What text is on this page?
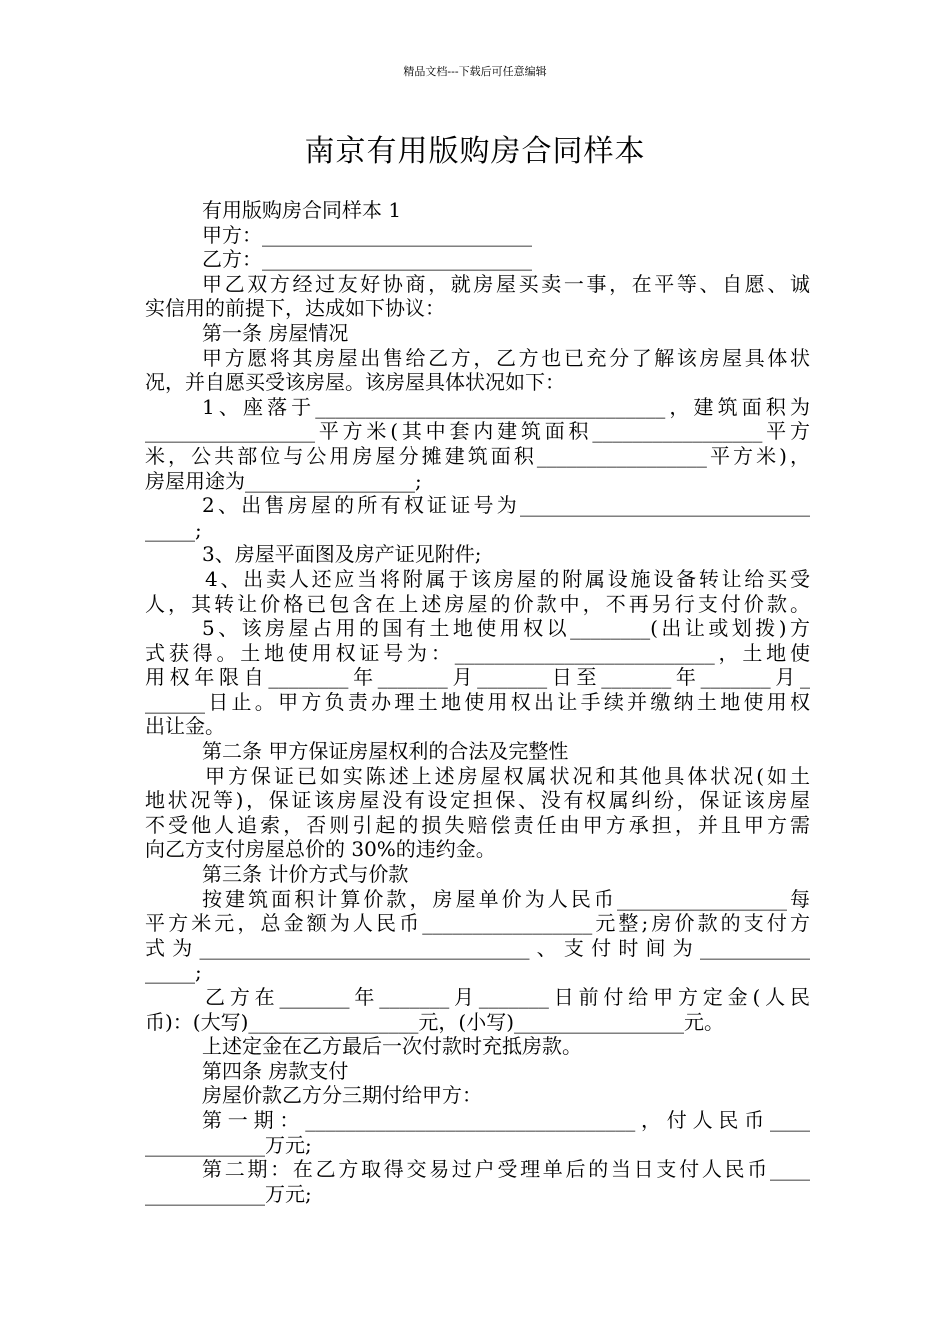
精品文档---下载后可任意编辑
南京有用版购房合同样本
有用版购房合同样本 1
甲方：___________________________
乙方：___________________________
甲乙双方经过友好协商，就房屋买卖一事，在平等、自愿、诚
实信用的前提下，达成如下协议：
第一条 房屋情况
甲方愿将其房屋出售给乙方，乙方也已充分了解该房屋具体状
况，并自愿买受该房屋。该房屋具体状况如下：
1、座落于___________________________________，建筑面积为
_________________平方米(其中套内建筑面积_________________平方
米，公共部位与公用房屋分摊建筑面积_________________平方米)，
房屋用途为_________________;
2、出售房屋的所有权证证号为_____________________________
_____;
3、房屋平面图及房产证见附件;
4、出卖人还应当将附属于该房屋的附属设施设备转让给买受
人，其转让价格已包含在上述房屋的价款中，不再另行支付价款。
5、该房屋占用的国有土地使用权以________(出让或划拨)方
式获得。土地使用权证号为：__________________________，土地使
用权年限自________年_______月_______日至_______年_______月_
______日止。甲方负责办理土地使用权出让手续并缴纳土地使用权
出让金。
第二条 甲方保证房屋权利的合法及完整性
甲方保证已如实陈述上述房屋权属状况和其他具体状况(如土
地状况等)，保证该房屋没有设定担保、没有权属纠纷，保证该房屋
不受他人追索，否则引起的损失赔偿责任由甲方承担，并且甲方需
向乙方支付房屋总价的 30%的违约金。
第三条 计价方式与价款
按建筑面积计算价款，房屋单价为人民币_________________每
平方米元，总金额为人民币_________________元整;房价款的支付方
式为_________________________________、支付时间为___________
_____;
乙方在_______年_______月_______日前付给甲方定金(人民
币)：(大写)_________________元，(小写)_________________元。
上述定金在乙方最后一次付款时充抵房款。
第四条 房款支付
房屋价款乙方分三期付给甲方：
第一期：_________________________________，付人民币____
____________万元;
第二期：在乙方取得交易过户受理单后的当日支付人民币____
____________万元;
